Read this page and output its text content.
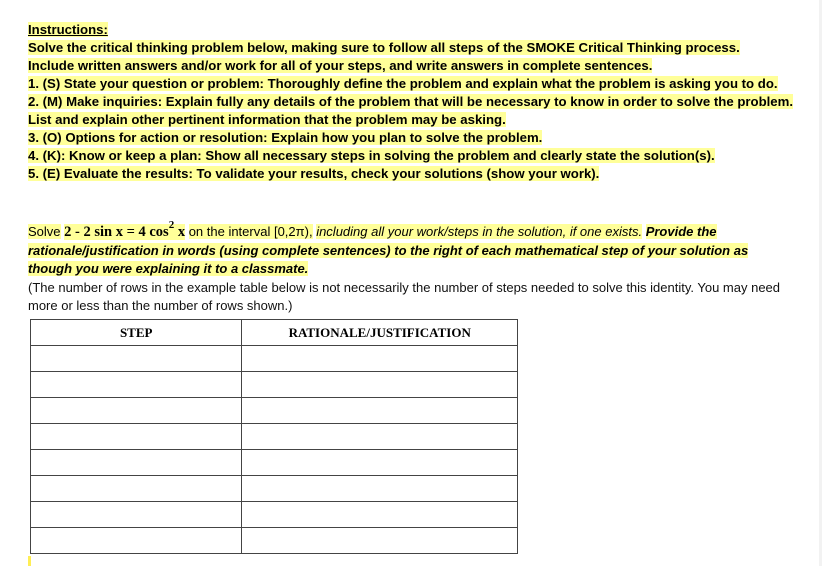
Instructions:

Solve the critical thinking problem below, making sure to follow all steps of the SMOKE Critical Thinking process.

Include written answers and/or work for all of your steps, and write answers in complete sentences.

1. (S) State your question or problem: Thoroughly define the problem and explain what the problem is asking you to do.

2. (M) Make inquiries: Explain fully any details of the problem that will be necessary to know in order to solve the problem. List and explain other pertinent information that the problem may be asking.

3. (O) Options for action or resolution: Explain how you plan to solve the problem.

4. (K): Know or keep a plan: Show all necessary steps in solving the problem and clearly state the solution(s).

5. (E) Evaluate the results: To validate your results, check your solutions (show your work).

Solve 2 - 2 sin x = 4 $\cos^2 x$ on the interval [0,2π), including all your work/steps in the solution, if one exists. Provide the rationale/justification in words (using complete sentences) to the right of each mathematical step of your solution as though you were explaining it to a classmate.

(The number of rows in the example table below is not necessarily the number of steps needed to solve this identity. You may need more or less than the number of rows shown.)

STEP	RATIONALE/JUSTIFICATION
